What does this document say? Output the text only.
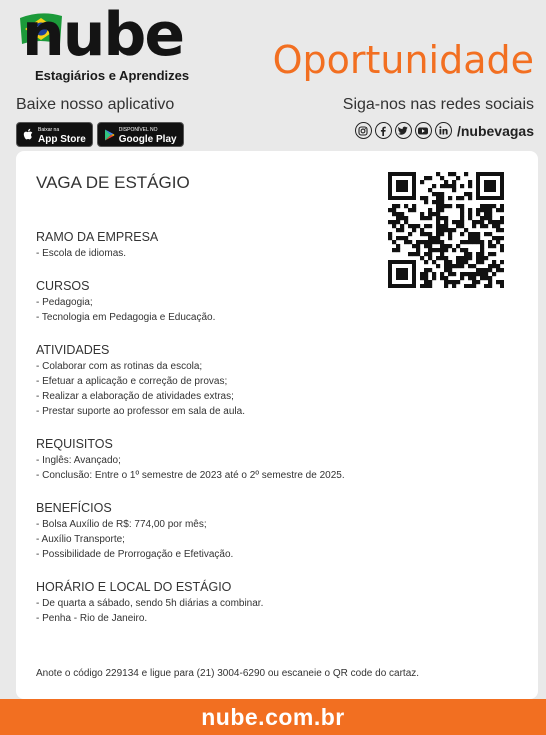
nube
Estagiários e Aprendizes Oportunidade
Baixe nosso aplicativo	Siga-nos nas redes sociais
Baixar na
App Store
DISPONÍVEL NO
Google Play
/nubevagas
VAGA DE ESTÁGIO
RAMO DA EMPRESA
- Escola de idiomas.
CURSOS
- Pedagogia;
- Tecnologia em Pedagogia e Educação.
ATIVIDADES
- Colaborar com as rotinas da escola;
- Efetuar a aplicação e correção de provas;
- Realizar a elaboração de atividades extras;
- Prestar suporte ao professor em sala de aula.
REQUISITOS
- Inglês: Avançado;
- Conclusão: Entre o 1º semestre de 2023 até o 2º semestre de 2025.
BENEFÍCIOS
- Bolsa Auxílio de R$: 774,00 por mês;
- Auxílio Transporte;
- Possibilidade de Prorrogação e Efetivação.
HORÁRIO E LOCAL DO ESTÁGIO
- De quarta a sábado, sendo 5h diárias a combinar.
- Penha - Rio de Janeiro.
Anote o código 229134 e ligue para (21) 3004-6290 ou escaneie o QR code do cartaz.
nube.com.br
